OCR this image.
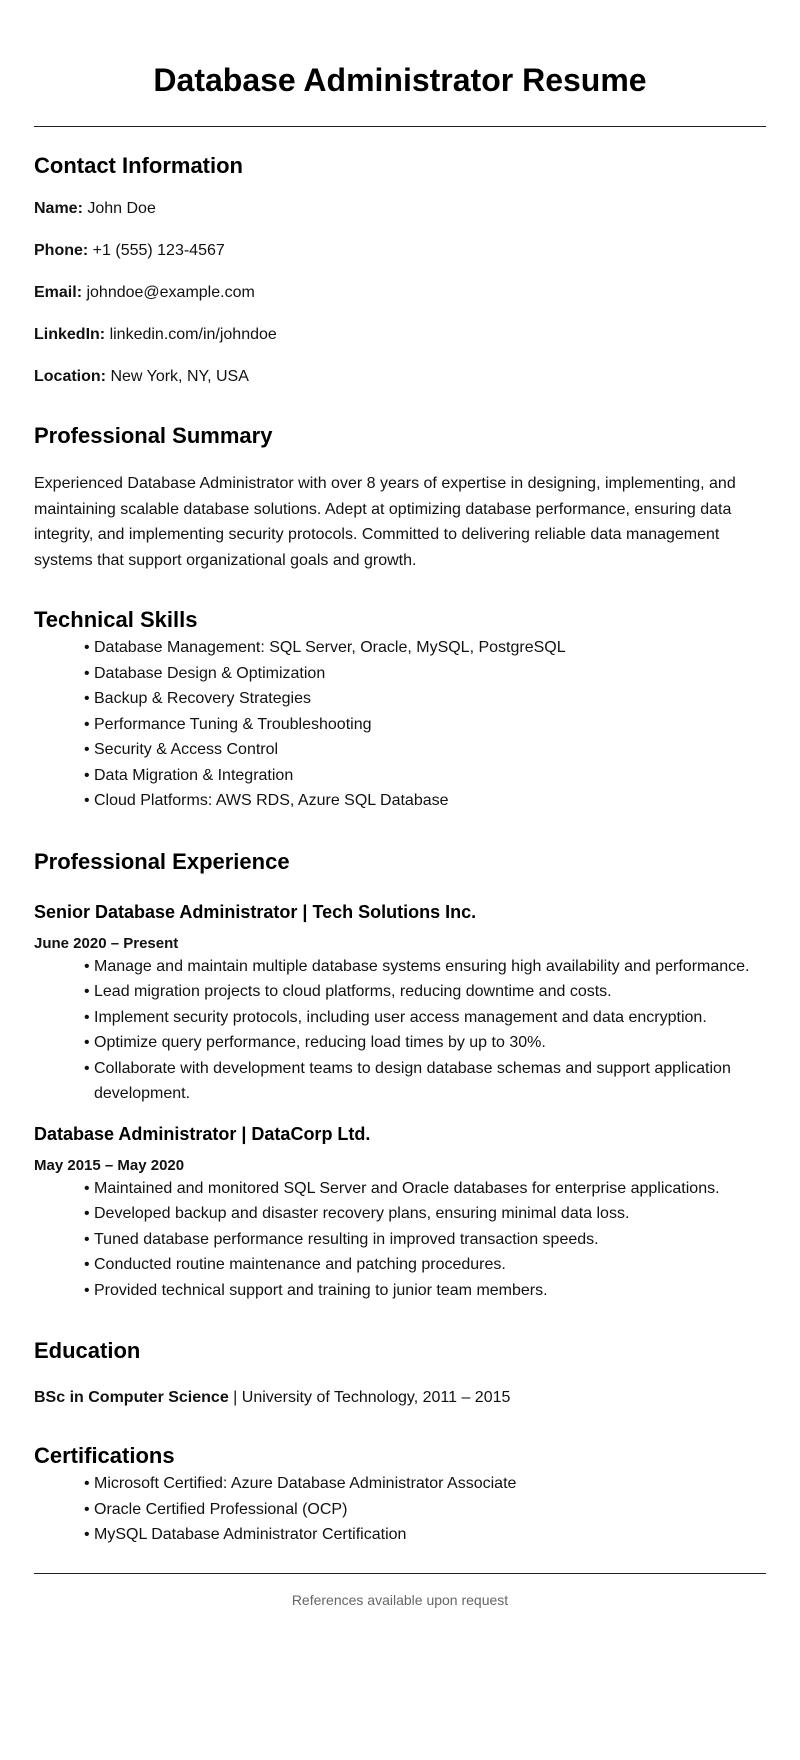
Database Administrator Resume
Contact Information

Name: John Doe

Phone: +1 (555) 123-4567

Email: johndoe@example.com

LinkedIn: linkedin.com/in/johndoe

Location: New York, NY, USA

Professional Summary

Experienced Database Administrator with over 8 years of expertise in designing, implementing, and maintaining scalable database solutions. Adept at optimizing database performance, ensuring data integrity, and implementing security protocols. Committed to delivering reliable data management systems that support organizational goals and growth.

Technical Skills
• Database Management: SQL Server, Oracle, MySQL, PostgreSQL
• Database Design & Optimization
• Backup & Recovery Strategies
• Performance Tuning & Troubleshooting
• Security & Access Control
• Data Migration & Integration
• Cloud Platforms: AWS RDS, Azure SQL Database
Professional Experience
Senior Database Administrator | Tech Solutions Inc.

June 2020 – Present

• Manage and maintain multiple database systems ensuring high availability and performance.
• Lead migration projects to cloud platforms, reducing downtime and costs.
• Implement security protocols, including user access management and data encryption.
• Optimize query performance, reducing load times by up to 30%.
• Collaborate with development teams to design database schemas and support application development.
Database Administrator | DataCorp Ltd.

May 2015 – May 2020

• Maintained and monitored SQL Server and Oracle databases for enterprise applications.
• Developed backup and disaster recovery plans, ensuring minimal data loss.
• Tuned database performance resulting in improved transaction speeds.
• Conducted routine maintenance and patching procedures.
• Provided technical support and training to junior team members.
Education

BSc in Computer Science | University of Technology, 2011 – 2015

Certifications
• Microsoft Certified: Azure Database Administrator Associate
• Oracle Certified Professional (OCP)
• MySQL Database Administrator Certification

References available upon request
